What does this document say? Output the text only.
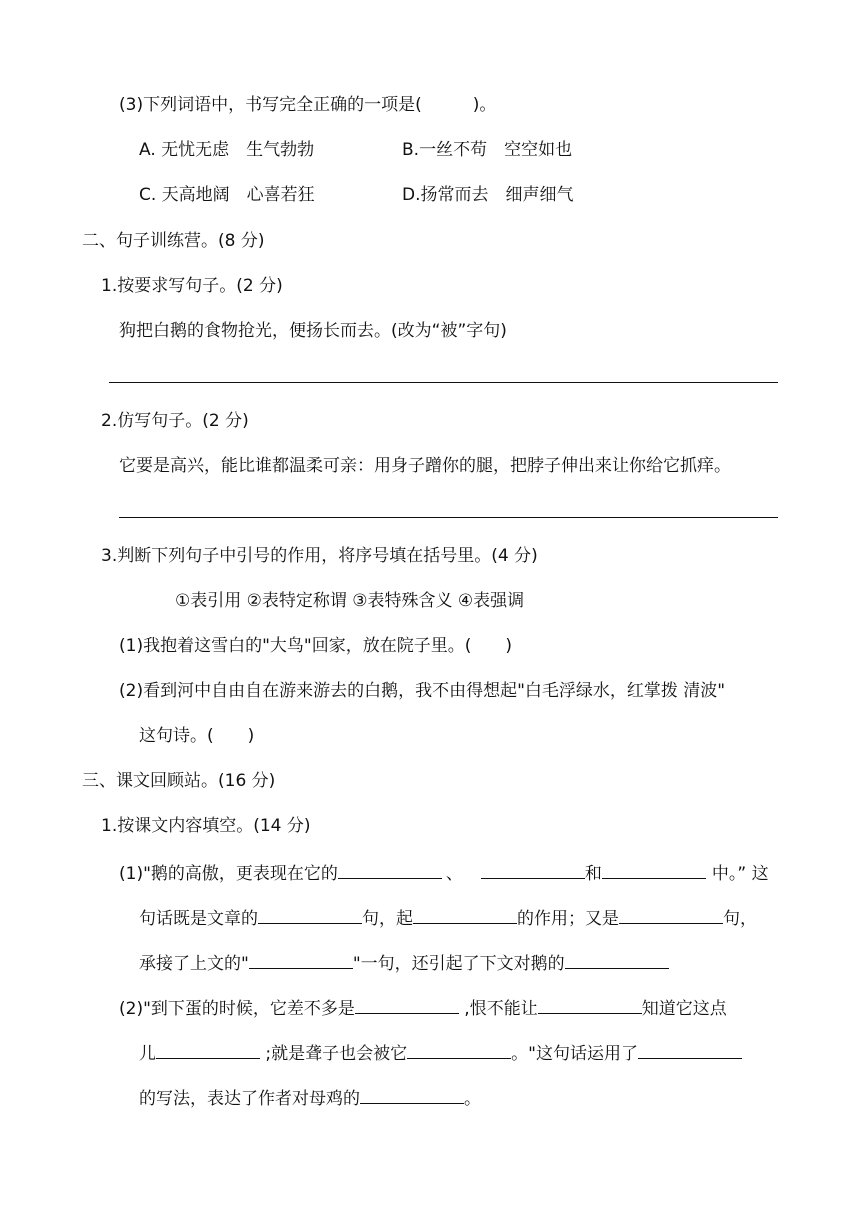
(3)下列词语中，书写完全正确的一项是(　　　)。
A. 无忧无虑　生气勃勃	B.一丝不苟　空空如也
C. 天高地阔　心喜若狂	D.扬常而去　细声细气
二、句子训练营。(8 分)
1.按要求写句子。(2 分)
狗把白鹅的食物抢光，便扬长而去。(改为“被”字句)
2.仿写句子。(2 分)
它要是高兴，能比谁都温柔可亲：用身子蹭你的腿，把脖子伸出来让你给它抓痒。
3.判断下列句子中引号的作用，将序号填在括号里。(4 分)
①表引用 ②表特定称谓 ③表特殊含义 ④表强调
(1)我抱着这雪白的"大鸟"回家，放在院子里。(　　)
(2)看到河中自由自在游来游去的白鹅，我不由得想起"白毛浮绿水，红掌拨 清波"
这句诗。(　　)
三、课文回顾站。(16 分)
1.按课文内容填空。(14 分)
(1)"鹅的高傲，更表现在它的	、	和	中。” 这
句话既是文章的	句，起	的作用；又是	句，
承接了上文的"	"一句，还引起了下文对鹅的
(2)"到下蛋的时候，它差不多是	,恨不能让	知道它这点
儿	;就是聋子也会被它	。"这句话运用了
的写法，表达了作者对母鸡的	。
